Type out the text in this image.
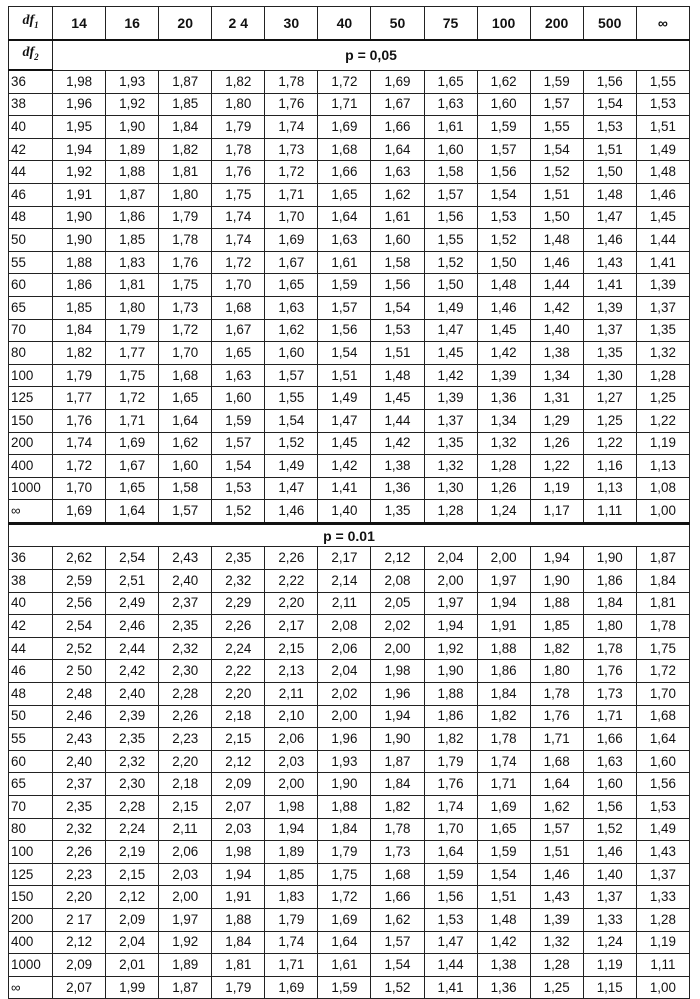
$df_1$	14	16	20	2 4	30	40	50	75	100	200	500	∞
$df_2$	p = 0,05											
36	1,98	1,93	1,87	1,82	1,78	1,72	1,69	1,65	1,62	1,59	1,56	1,55
38	1,96	1,92	1,85	1,80	1,76	1,71	1,67	1,63	1,60	1,57	1,54	1,53
40	1,95	1,90	1,84	1,79	1,74	1,69	1,66	1,61	1,59	1,55	1,53	1,51
42	1,94	1,89	1,82	1,78	1,73	1,68	1,64	1,60	1,57	1,54	1,51	1,49
44	1,92	1,88	1,81	1,76	1,72	1,66	1,63	1,58	1,56	1,52	1,50	1,48
46	1,91	1,87	1,80	1,75	1,71	1,65	1,62	1,57	1,54	1,51	1,48	1,46
48	1,90	1,86	1,79	1,74	1,70	1,64	1,61	1,56	1,53	1,50	1,47	1,45
50	1,90	1,85	1,78	1,74	1,69	1,63	1,60	1,55	1,52	1,48	1,46	1,44
55	1,88	1,83	1,76	1,72	1,67	1,61	1,58	1,52	1,50	1,46	1,43	1,41
60	1,86	1,81	1,75	1,70	1,65	1,59	1,56	1,50	1,48	1,44	1,41	1,39
65	1,85	1,80	1,73	1,68	1,63	1,57	1,54	1,49	1,46	1,42	1,39	1,37
70	1,84	1,79	1,72	1,67	1,62	1,56	1,53	1,47	1,45	1,40	1,37	1,35
80	1,82	1,77	1,70	1,65	1,60	1,54	1,51	1,45	1,42	1,38	1,35	1,32
100	1,79	1,75	1,68	1,63	1,57	1,51	1,48	1,42	1,39	1,34	1,30	1,28
125	1,77	1,72	1,65	1,60	1,55	1,49	1,45	1,39	1,36	1,31	1,27	1,25
150	1,76	1,71	1,64	1,59	1,54	1,47	1,44	1,37	1,34	1,29	1,25	1,22
200	1,74	1,69	1,62	1,57	1,52	1,45	1,42	1,35	1,32	1,26	1,22	1,19
400	1,72	1,67	1,60	1,54	1,49	1,42	1,38	1,32	1,28	1,22	1,16	1,13
1000	1,70	1,65	1,58	1,53	1,47	1,41	1,36	1,30	1,26	1,19	1,13	1,08
∞	1,69	1,64	1,57	1,52	1,46	1,40	1,35	1,28	1,24	1,17	1,11	1,00
p = 0.01												
36	2,62	2,54	2,43	2,35	2,26	2,17	2,12	2,04	2,00	1,94	1,90	1,87
38	2,59	2,51	2,40	2,32	2,22	2,14	2,08	2,00	1,97	1,90	1,86	1,84
40	2,56	2,49	2,37	2,29	2,20	2,11	2,05	1,97	1,94	1,88	1,84	1,81
42	2,54	2,46	2,35	2,26	2,17	2,08	2,02	1,94	1,91	1,85	1,80	1,78
44	2,52	2,44	2,32	2,24	2,15	2,06	2,00	1,92	1,88	1,82	1,78	1,75
46	2 50	2,42	2,30	2,22	2,13	2,04	1,98	1,90	1,86	1,80	1,76	1,72
48	2,48	2,40	2,28	2,20	2,11	2,02	1,96	1,88	1,84	1,78	1,73	1,70
50	2,46	2,39	2,26	2,18	2,10	2,00	1,94	1,86	1,82	1,76	1,71	1,68
55	2,43	2,35	2,23	2,15	2,06	1,96	1,90	1,82	1,78	1,71	1,66	1,64
60	2,40	2,32	2,20	2,12	2,03	1,93	1,87	1,79	1,74	1,68	1,63	1,60
65	2,37	2,30	2,18	2,09	2,00	1,90	1,84	1,76	1,71	1,64	1,60	1,56
70	2,35	2,28	2,15	2,07	1,98	1,88	1,82	1,74	1,69	1,62	1,56	1,53
80	2,32	2,24	2,11	2,03	1,94	1,84	1,78	1,70	1,65	1,57	1,52	1,49
100	2,26	2,19	2,06	1,98	1,89	1,79	1,73	1,64	1,59	1,51	1,46	1,43
125	2,23	2,15	2,03	1,94	1,85	1,75	1,68	1,59	1,54	1,46	1,40	1,37
150	2,20	2,12	2,00	1,91	1,83	1,72	1,66	1,56	1,51	1,43	1,37	1,33
200	2 17	2,09	1,97	1,88	1,79	1,69	1,62	1,53	1,48	1,39	1,33	1,28
400	2,12	2,04	1,92	1,84	1,74	1,64	1,57	1,47	1,42	1,32	1,24	1,19
1000	2,09	2,01	1,89	1,81	1,71	1,61	1,54	1,44	1,38	1,28	1,19	1,11
∞	2,07	1,99	1,87	1,79	1,69	1,59	1,52	1,41	1,36	1,25	1,15	1,00
